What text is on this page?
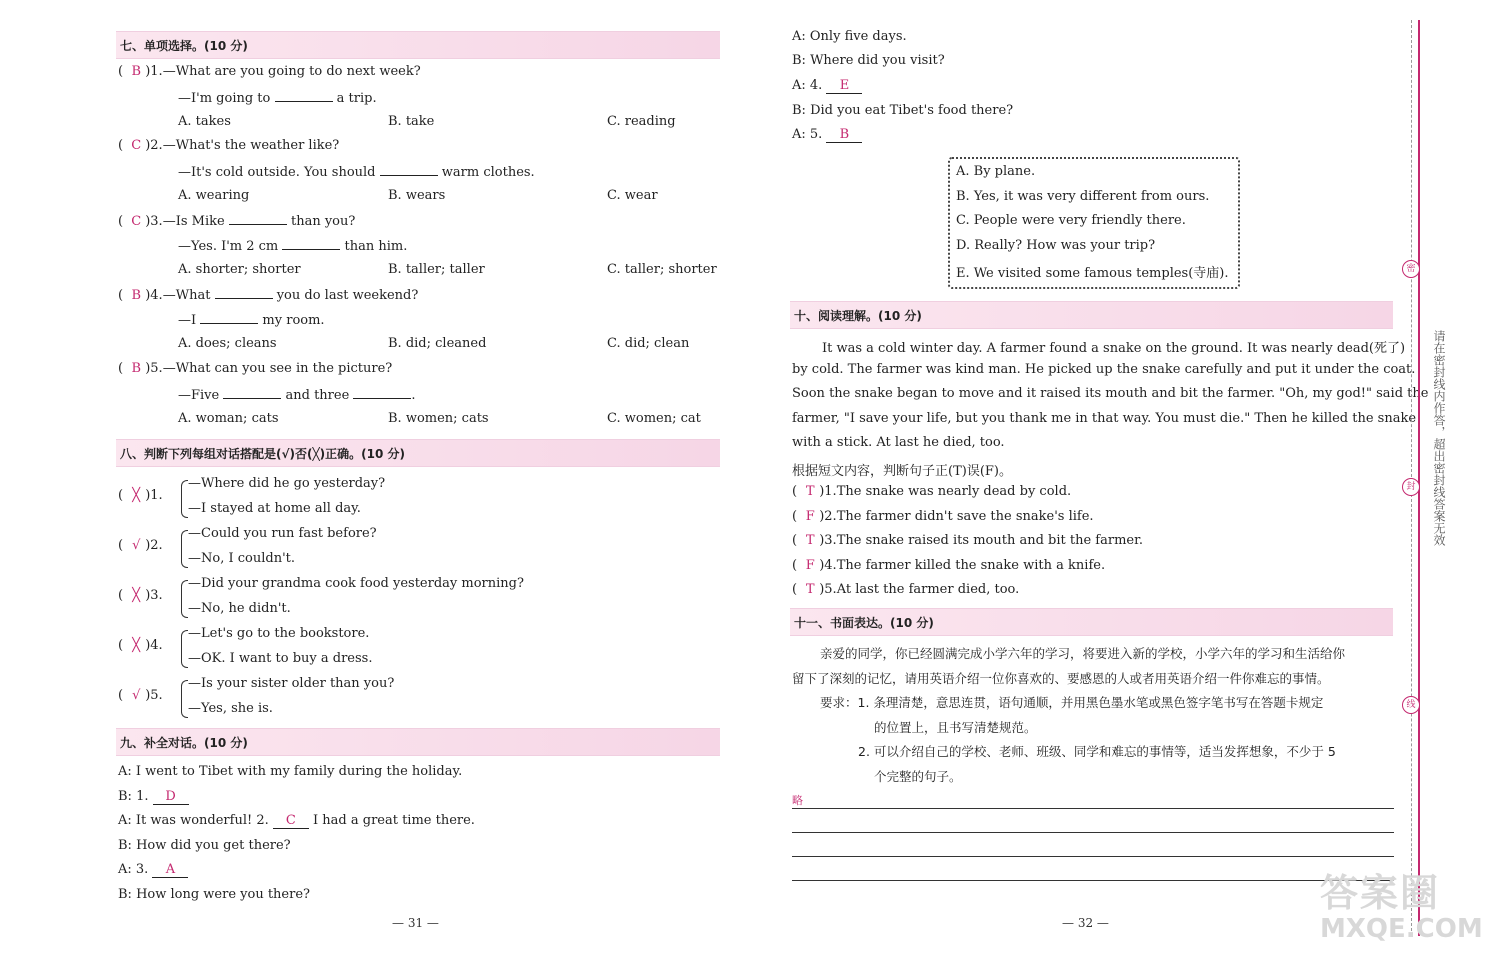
七、单项选择。(10 分)
( B )1.—What are you going to do next week?
—I'm going to	a trip.
A. takes	B. take	C. reading
( C )2.—What's the weather like?
—It's cold outside. You should	warm clothes.
A. wearing	B. wears	C. wear
( C )3.—Is Mike	than you?
—Yes. I'm 2 cm	than him.
A. shorter; shorter	B. taller; taller	C. taller; shorter
( B )4.—What	you do last weekend?
—I	my room.
A. does; cleans	B. did; cleaned	C. did; clean
( B )5.—What can you see in the picture?
—Five	and three	.
A. woman; cats	B. women; cats	C. women; cat
八、判断下列每组对话搭配是(√)否(╳)正确。(10 分)
( ╳ )1.
—Where did he go yesterday?
—I stayed at home all day.
( √ )2.
—Could you run fast before?
—No, I couldn't.
( ╳ )3.
—Did your grandma cook food yesterday morning?
—No, he didn't.
( ╳ )4.
—Let's go to the bookstore.
—OK. I want to buy a dress.
( √ )5.
—Is your sister older than you?
—Yes, she is.
九、补全对话。(10 分)
A: I went to Tibet with my family during the holiday.
B: 1. D
A: It was wonderful! 2. C I had a great time there.
B: How did you get there?
A: 3. A
B: How long were you there?
— 31 —
A: Only five days.
B: Where did you visit?
A: 4. E
B: Did you eat Tibet's food there?
A: 5. B
A. By plane.
B. Yes, it was very different from ours.
C. People were very friendly there.
D. Really? How was your trip?
E. We visited some famous temples(寺庙).
十、阅读理解。(10 分)
It was a cold winter day. A farmer found a snake on the ground. It was nearly dead(死了)
by cold. The farmer was kind man. He picked up the snake carefully and put it under the coat.
Soon the snake began to move and it raised its mouth and bit the farmer. "Oh, my god!" said the
farmer, "I save your life, but you thank me in that way. You must die." Then he killed the snake
with a stick. At last he died, too.
根据短文内容，判断句子正(T)误(F)。
( T )1.The snake was nearly dead by cold.
( F )2.The farmer didn't save the snake's life.
( T )3.The snake raised its mouth and bit the farmer.
( F )4.The farmer killed the snake with a knife.
( T )5.At last the farmer died, too.
十一、书面表达。(10 分)
亲爱的同学，你已经圆满完成小学六年的学习，将要进入新的学校，小学六年的学习和生活给你
留下了深刻的记忆，请用英语介绍一位你喜欢的、要感恩的人或者用英语介绍一件你难忘的事情。
要求：1. 条理清楚，意思连贯，语句通顺，并用黑色墨水笔或黑色签字笔书写在答题卡规定
的位置上，且书写清楚规范。
2. 可以介绍自己的学校、老师、班级、同学和难忘的事情等，适当发挥想象，不少于 5
个完整的句子。
略
— 32 —
密
封
线
请在密封线内作答，超出密封线答案无效
答案圈
MXQE.COM
